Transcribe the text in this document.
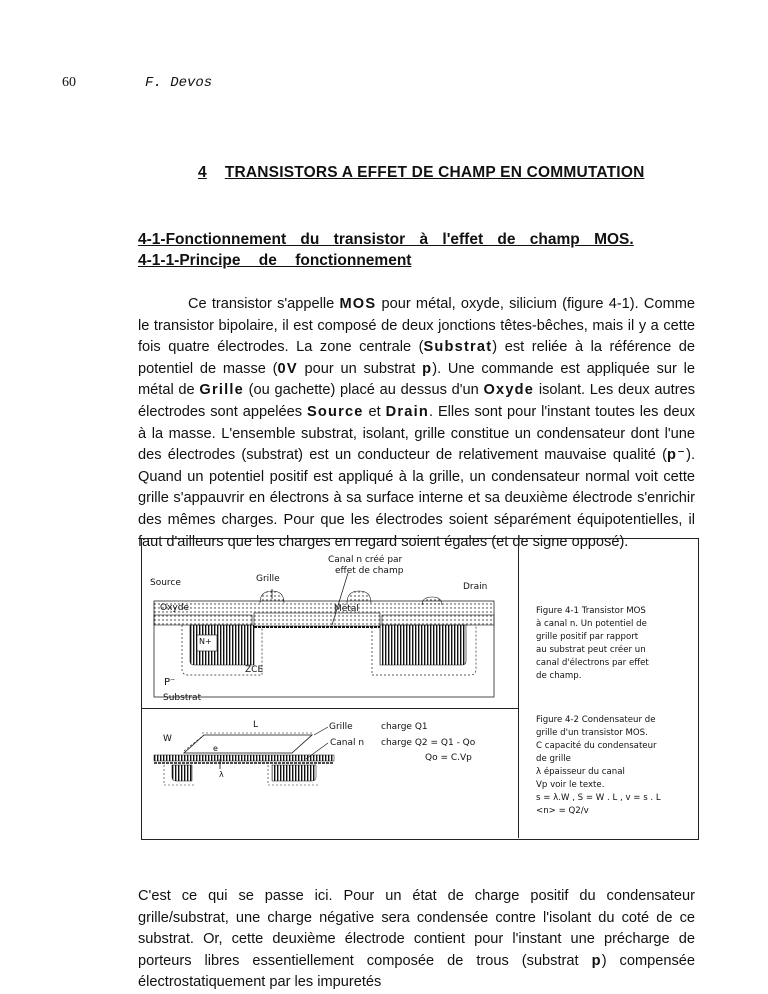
60	F. Devos
4 TRANSISTORS A EFFET DE CHAMP EN COMMUTATION
4-1-Fonctionnement du transistor à l'effet de champ MOS.
4-1-1-Principe de fonctionnement
Ce transistor s'appelle MOS pour métal, oxyde, silicium (figure 4-1). Comme le transistor bipolaire, il est composé de deux jonctions têtes-bêches, mais il y a cette fois quatre électrodes. La zone centrale (Substrat) est reliée à la référence de potentiel de masse (0V pour un substrat p). Une commande est appliquée sur le métal de Grille (ou gachette) placé au dessus d'un Oxyde isolant. Les deux autres électrodes sont appelées Source et Drain. Elles sont pour l'instant toutes les deux à la masse. L'ensemble substrat, isolant, grille constitue un condensateur dont l'une des électrodes (substrat) est un conducteur de relativement mauvaise qualité (p⁻). Quand un potentiel positif est appliqué à la grille, un condensateur normal voit cette grille s'appauvrir en électrons à sa surface interne et sa deuxième électrode s'enrichir des mêmes charges. Pour que les électrodes soient séparément équipotentielles, il faut d'ailleurs que les charges en regard soient égales (et de signe opposé).
Source	Grille
Canal n créé par
effet de champ
Drain
Oxyde	Métal
N+
ZCE
P⁻
Substrat
W
L
e
λ
Grille	charge Q1
Canal n charge Q2 = Q1 - Qo
Qo = C.Vp
Figure 4-1 Transistor MOS
à canal n. Un potentiel de
grille positif par rapport
au substrat peut créer un
canal d'électrons par effet
de champ.
Figure 4-2 Condensateur de
grille d'un transistor MOS.
C capacité du condensateur
de grille
λ épaisseur du canal
Vp voir le texte.
s = λ.W , S = W . L , v = s . L
<n> = Q2/v
C'est ce qui se passe ici. Pour un état de charge positif du condensateur grille/substrat, une charge négative sera condensée contre l'isolant du coté de ce substrat. Or, cette deuxième électrode contient pour l'instant une précharge de porteurs libres essentiellement composée de trous (substrat p) compensée électrostatiquement par les impuretés
